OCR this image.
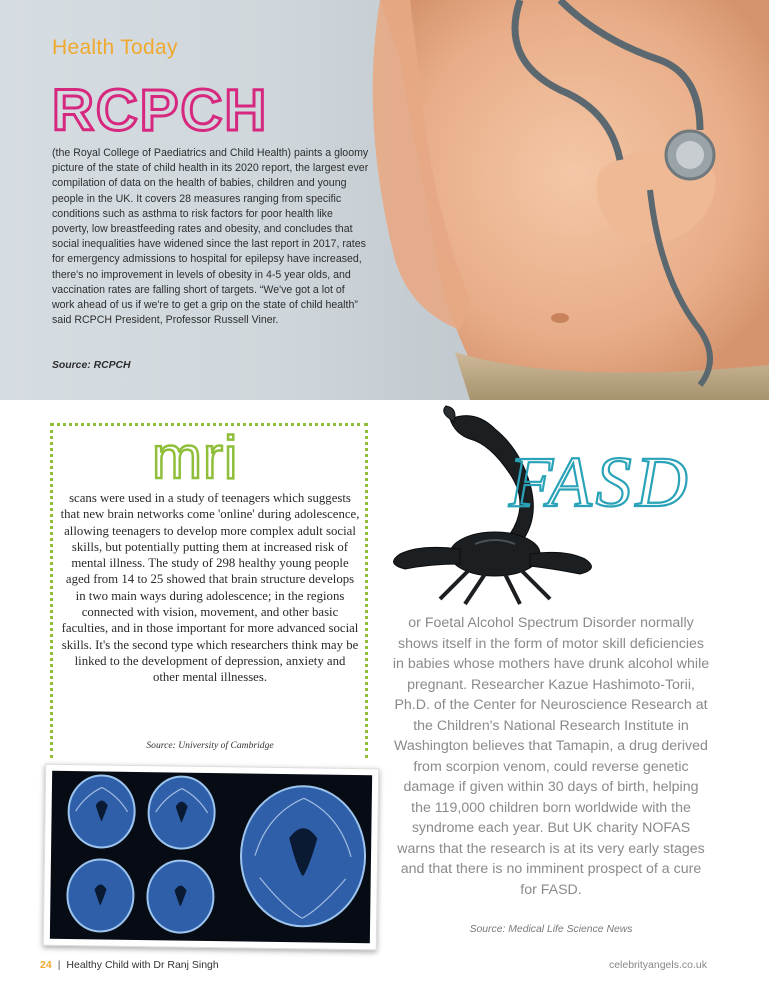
Health Today
RCPCH
(the Royal College of Paediatrics and Child Health) paints a gloomy picture of the state of child health in its 2020 report, the largest ever compilation of data on the health of babies, children and young people in the UK. It covers 28 measures ranging from specific conditions such as asthma to risk factors for poor health like poverty, low breastfeeding rates and obesity, and concludes that social inequalities have widened since the last report in 2017, rates for emergency admissions to hospital for epilepsy have increased, there's no improvement in levels of obesity in 4-5 year olds, and vaccination rates are falling short of targets. “We've got a lot of work ahead of us if we're to get a grip on the state of child health” said RCPCH President, Professor Russell Viner.
Source: RCPCH
mri
scans were used in a study of teenagers which suggests that new brain networks come 'online' during adolescence, allowing teenagers to develop more complex adult social skills, but potentially putting them at increased risk of mental illness. The study of 298 healthy young people aged from 14 to 25 showed that brain structure develops in two main ways during adolescence; in the regions connected with vision, movement, and other basic faculties, and in those important for more advanced social skills. It's the second type which researchers think may be linked to the development of depression, anxiety and other mental illnesses.
Source: University of Cambridge
FASD
or Foetal Alcohol Spectrum Disorder normally shows itself in the form of motor skill deficiencies in babies whose mothers have drunk alcohol while pregnant. Researcher Kazue Hashimoto-Torii, Ph.D. of the Center for Neuroscience Research at the Children's National Research Institute in Washington believes that Tamapin, a drug derived from scorpion venom, could reverse genetic damage if given within 30 days of birth, helping the 119,000 children born worldwide with the syndrome each year. But UK charity NOFAS warns that the research is at its very early stages and that there is no imminent prospect of a cure for FASD.
Source: Medical Life Science News
24 | Healthy Child with Dr Ranj Singh	celebrityangels.co.uk
